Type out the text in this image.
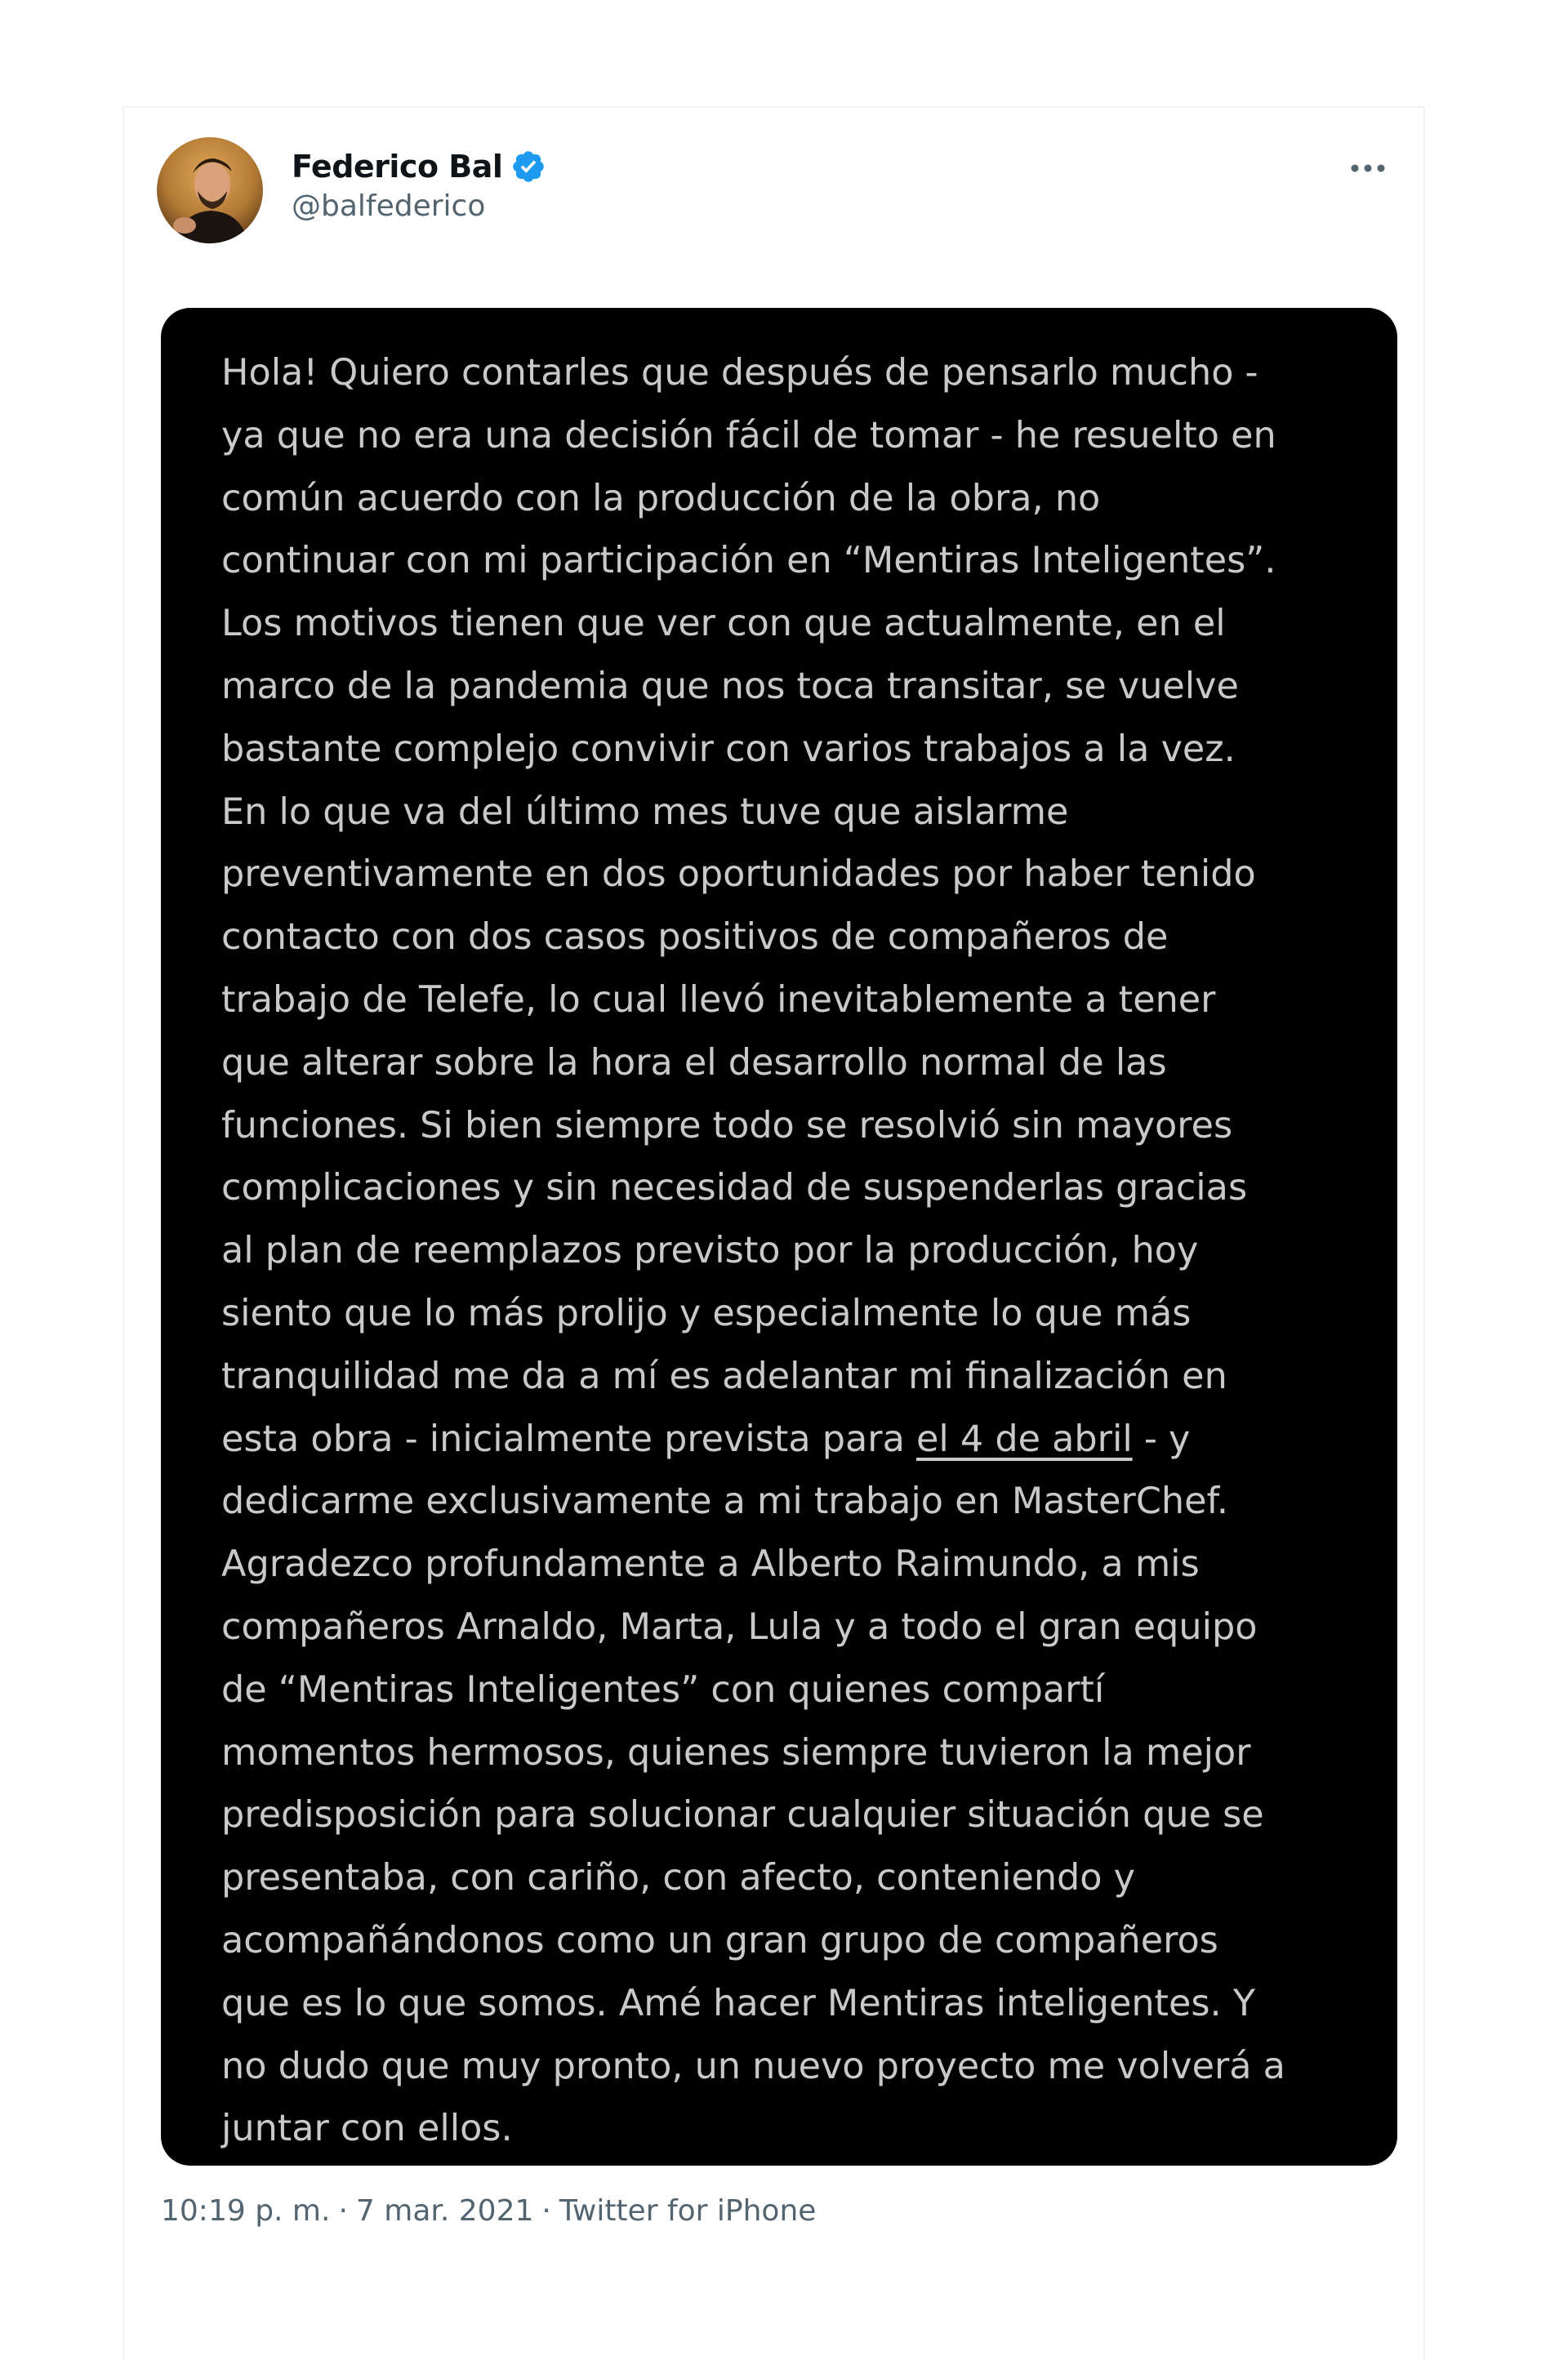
Federico Bal
@balfederico
Hola! Quiero contarles que después de pensarlo mucho -
ya que no era una decisión fácil de tomar - he resuelto en
común acuerdo con la producción de la obra, no
continuar con mi participación en “Mentiras Inteligentes”.
Los motivos tienen que ver con que actualmente, en el
marco de la pandemia que nos toca transitar, se vuelve
bastante complejo convivir con varios trabajos a la vez.
En lo que va del último mes tuve que aislarme
preventivamente en dos oportunidades por haber tenido
contacto con dos casos positivos de compañeros de
trabajo de Telefe, lo cual llevó inevitablemente a tener
que alterar sobre la hora el desarrollo normal de las
funciones. Si bien siempre todo se resolvió sin mayores
complicaciones y sin necesidad de suspenderlas gracias
al plan de reemplazos previsto por la producción, hoy
siento que lo más prolijo y especialmente lo que más
tranquilidad me da a mí es adelantar mi finalización en
esta obra - inicialmente prevista para el 4 de abril - y
dedicarme exclusivamente a mi trabajo en MasterChef.
Agradezco profundamente a Alberto Raimundo, a mis
compañeros Arnaldo, Marta, Lula y a todo el gran equipo
de “Mentiras Inteligentes” con quienes compartí
momentos hermosos, quienes siempre tuvieron la mejor
predisposición para solucionar cualquier situación que se
presentaba, con cariño, con afecto, conteniendo y
acompañándonos como un gran grupo de compañeros
que es lo que somos. Amé hacer Mentiras inteligentes. Y
no dudo que muy pronto, un nuevo proyecto me volverá a
juntar con ellos.
10:19 p. m. · 7 mar. 2021 · Twitter for iPhone
